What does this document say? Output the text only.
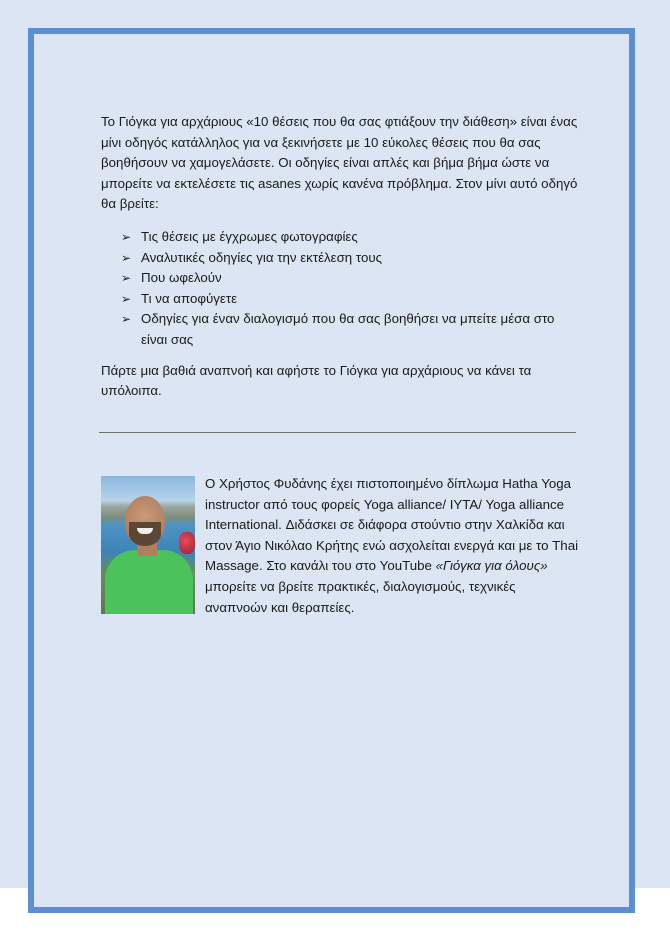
Το Γιόγκα για αρχάριους «10 θέσεις που θα σας φτιάξουν την διάθεση» είναι ένας μίνι οδηγός κατάλληλος για να ξεκινήσετε με 10 εύκολες θέσεις που θα σας βοηθήσουν να χαμογελάσετε. Οι οδηγίες είναι απλές και βήμα βήμα ώστε να μπορείτε να εκτελέσετε τις asanes χωρίς κανένα πρόβλημα. Στον μίνι αυτό οδηγό θα βρείτε:

➢ Τις θέσεις με έγχρωμες φωτογραφίες
➢ Αναλυτικές οδηγίες για την εκτέλεση τους
➢ Που ωφελούν
➢ Τι να αποφύγετε
➢ Οδηγίες για έναν διαλογισμό που θα σας βοηθήσει να μπείτε μέσα στο είναι σας

Πάρτε μια βαθιά αναπνοή και αφήστε το Γιόγκα για αρχάριους να κάνει τα υπόλοιπα.

Ο Χρήστος Φυδάνης έχει πιστοποιημένο δίπλωμα Hatha Yoga instructor από τους φορείς Yoga alliance/ IYTA/ Yoga alliance International. Διδάσκει σε διάφορα στούντιο στην Χαλκίδα και στον Άγιο Νικόλαο Κρήτης ενώ ασχολείται ενεργά και με το Thai Massage. Στο κανάλι του στο YouTube «Γιόγκα για όλους» μπορείτε να βρείτε πρακτικές, διαλογισμούς, τεχνικές αναπνοών και θεραπείες.
